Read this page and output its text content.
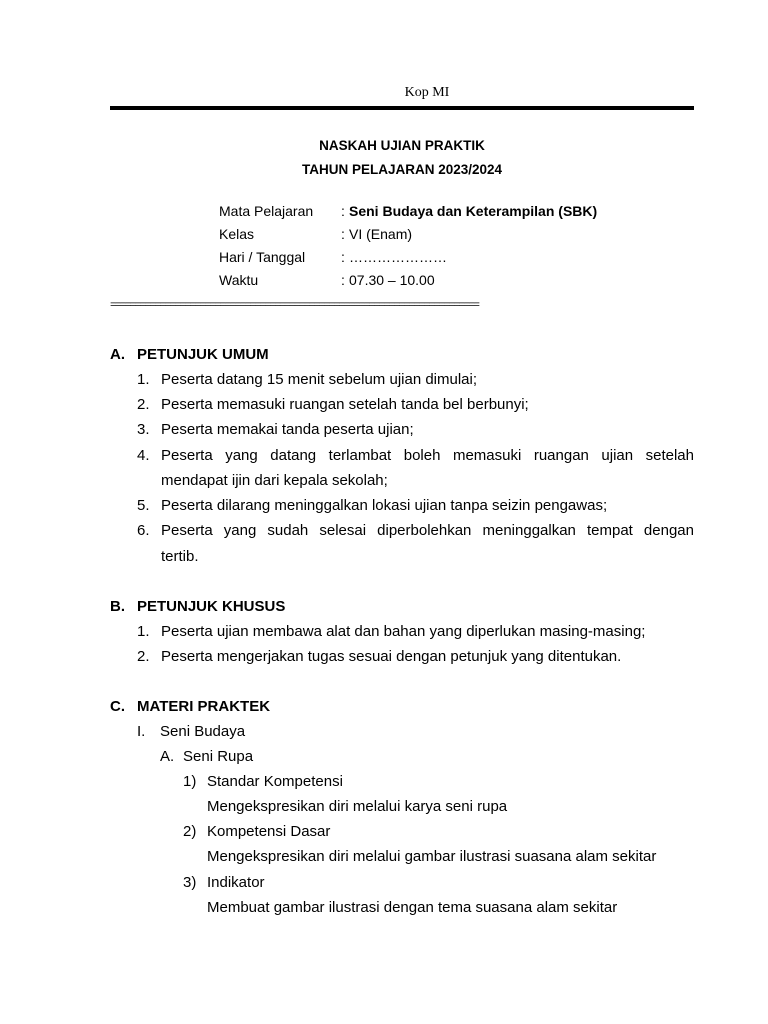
Kop MI
NASKAH UJIAN PRAKTIK
TAHUN PELAJARAN 2023/2024
Mata Pelajaran : Seni Budaya dan Keterampilan (SBK)
Kelas	: VI (Enam)
Hari / Tanggal	: …………………
Waktu	: 07.30 – 10.00
==========================================================================
A. PETUNJUK UMUM
1. Peserta datang 15 menit sebelum ujian dimulai;
2. Peserta memasuki ruangan setelah tanda bel berbunyi;
3. Peserta memakai tanda peserta ujian;
4. Peserta yang datang terlambat boleh memasuki ruangan ujian setelah
mendapat ijin dari kepala sekolah;
5. Peserta dilarang meninggalkan lokasi ujian tanpa seizin pengawas;
6. Peserta yang sudah selesai diperbolehkan meninggalkan tempat dengan
tertib.
B. PETUNJUK KHUSUS
1. Peserta ujian membawa alat dan bahan yang diperlukan masing-masing;
2. Peserta mengerjakan tugas sesuai dengan petunjuk yang ditentukan.
C. MATERI PRAKTEK
I. Seni Budaya
A. Seni Rupa
1) Standar Kompetensi
Mengekspresikan diri melalui karya seni rupa
2) Kompetensi Dasar
Mengekspresikan diri melalui gambar ilustrasi suasana alam sekitar
3) Indikator
Membuat gambar ilustrasi dengan tema suasana alam sekitar
